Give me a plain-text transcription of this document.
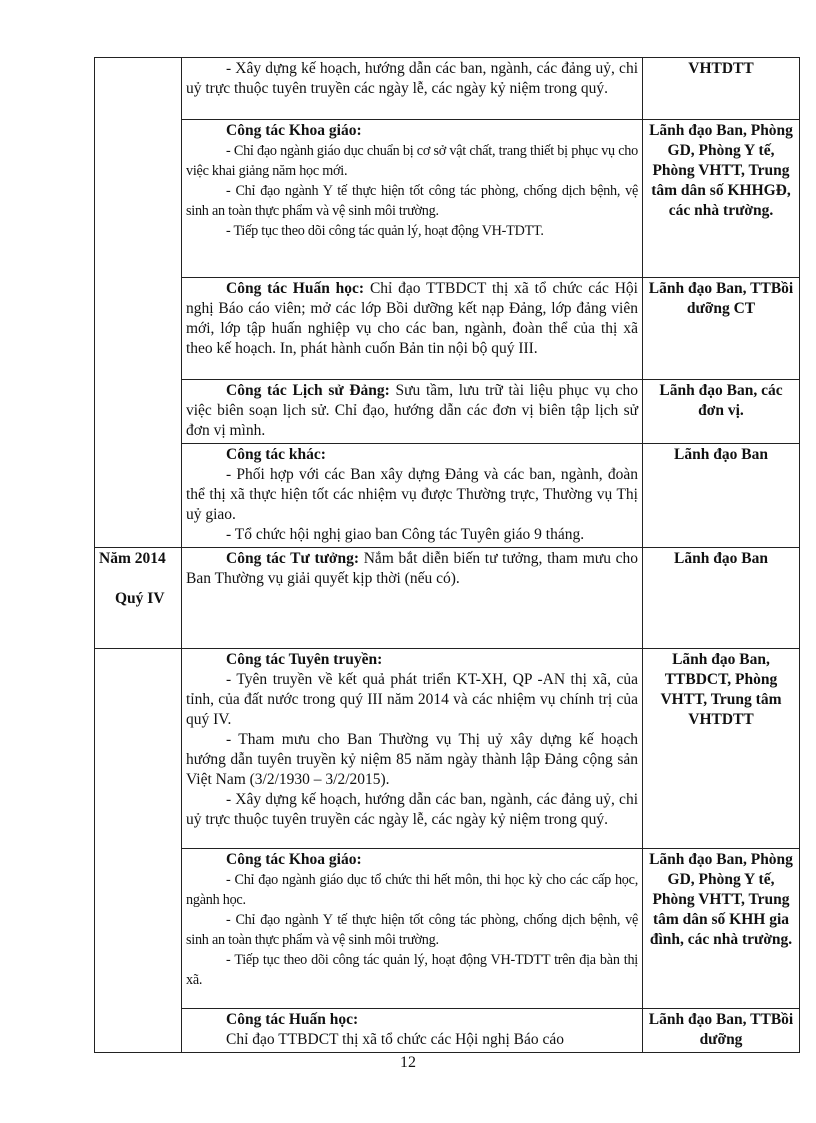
	- Xây dựng kế hoạch, hướng dẫn các ban, ngành, các đảng uỷ, chi uỷ trực thuộc tuyên truyền các ngày lễ, các ngày kỷ niệm trong quý.	VHTDTT

	Công tác Khoa giáo:
- Chỉ đạo ngành giáo dục chuẩn bị cơ sở vật chất, trang thiết bị phục vụ cho việc khai giảng năm học mới.
- Chỉ đạo ngành Y tế thực hiện tốt công tác phòng, chống dịch bệnh, vệ sinh an toàn thực phẩm và vệ sinh môi trường.
- Tiếp tục theo dõi công tác quản lý, hoạt động VH-TDTT.	Lãnh đạo Ban, Phòng GD, Phòng Y tế, Phòng VHTT, Trung tâm dân số KHHGĐ, các nhà trường.

	Công tác Huấn học: Chỉ đạo TTBDCT thị xã tổ chức các Hội nghị Báo cáo viên; mở các lớp Bồi dưỡng kết nạp Đảng, lớp đảng viên mới, lớp tập huấn nghiệp vụ cho các ban, ngành, đoàn thể của thị xã theo kế hoạch. In, phát hành cuốn Bản tin nội bộ quý III.	Lãnh đạo Ban, TTBồi dưỡng CT

	Công tác Lịch sử Đảng: Sưu tầm, lưu trữ tài liệu phục vụ cho việc biên soạn lịch sử. Chỉ đạo, hướng dẫn các đơn vị biên tập lịch sử đơn vị mình.	Lãnh đạo Ban, các đơn vị.

	Công tác khác:
- Phối hợp với các Ban xây dựng Đảng và các ban, ngành, đoàn thể thị xã thực hiện tốt các nhiệm vụ được Thường trực, Thường vụ Thị uỷ giao.
- Tổ chức hội nghị giao ban Công tác Tuyên giáo 9 tháng.	Lãnh đạo Ban

Năm 2014
Quý IV	Công tác Tư tưởng: Nắm bắt diễn biến tư tưởng, tham mưu cho Ban Thường vụ giải quyết kịp thời (nếu có).	Lãnh đạo Ban

	Công tác Tuyên truyền:
- Tyên truyền về kết quả phát triển KT-XH, QP -AN thị xã, của tỉnh, của đất nước trong quý III năm 2014 và các nhiệm vụ chính trị của quý IV.
- Tham mưu cho Ban Thường vụ Thị uỷ xây dựng kế hoạch hướng dẫn tuyên truyền kỷ niệm 85 năm ngày thành lập Đảng cộng sản Việt Nam (3/2/1930 – 3/2/2015).
- Xây dựng kế hoạch, hướng dẫn các ban, ngành, các đảng uỷ, chi uỷ trực thuộc tuyên truyền các ngày lễ, các ngày kỷ niệm trong quý.	Lãnh đạo Ban, TTBDCT, Phòng VHTT, Trung tâm VHTDTT

	Công tác Khoa giáo:
- Chỉ đạo ngành giáo dục tổ chức thi hết môn, thi học kỳ cho các cấp học, ngành học.
- Chỉ đạo ngành Y tế thực hiện tốt công tác phòng, chống dịch bệnh, vệ sinh an toàn thực phẩm và vệ sinh môi trường.
- Tiếp tục theo dõi công tác quản lý, hoạt động VH-TDTT trên địa bàn thị xã.	Lãnh đạo Ban, Phòng GD, Phòng Y tế, Phòng VHTT, Trung tâm dân số KHH gia đình, các nhà trường.

	Công tác Huấn học:
Chỉ đạo TTBDCT thị xã tổ chức các Hội nghị Báo cáo	Lãnh đạo Ban, TTBồi dưỡng
12
